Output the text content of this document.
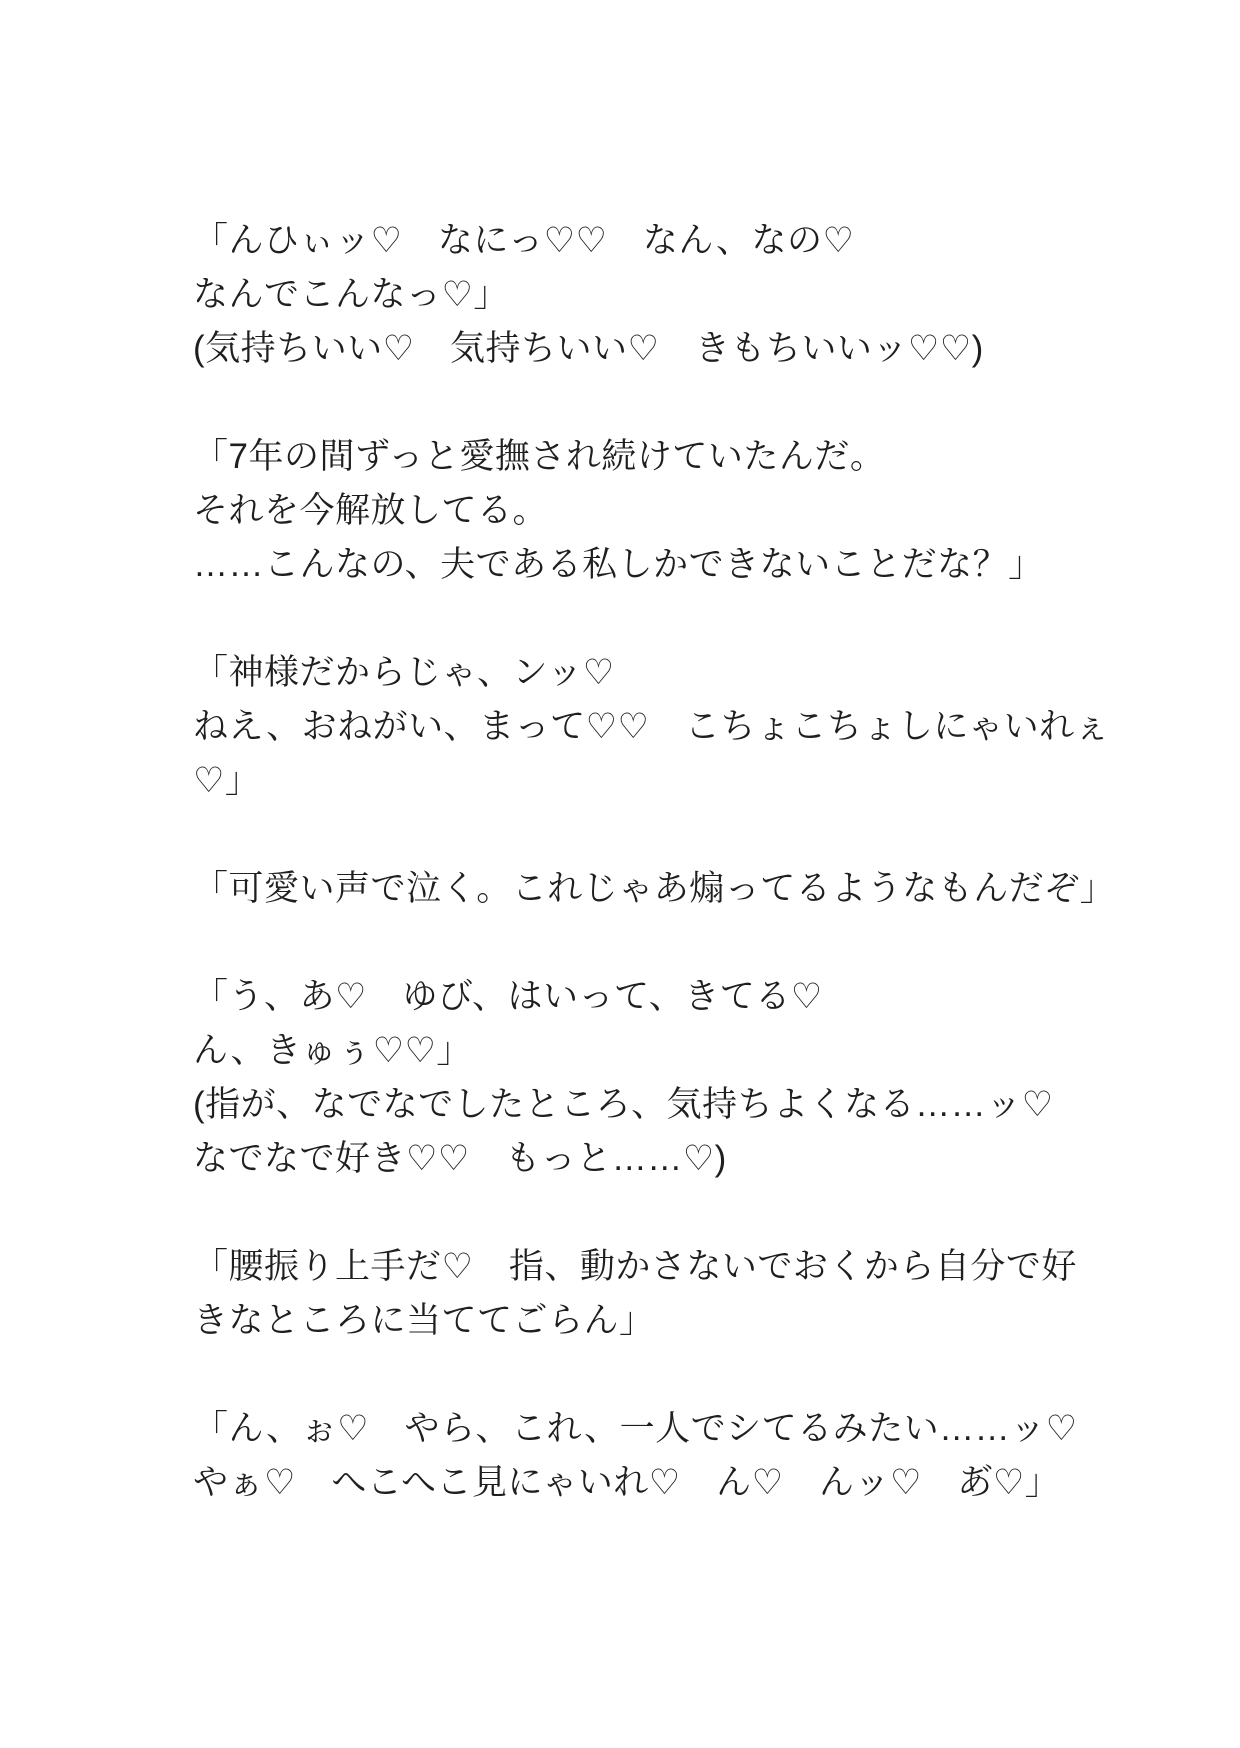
「んひぃッ♡　なにっ♡♡　なん、なの♡
なんでこんなっ♡」
(気持ちいい♡　気持ちいい♡　きもちいいッ♡♡)
「7年の間ずっと愛撫され続けていたんだ。
それを今解放してる。
……こんなの、夫である私しかできないことだな？」
「神様だからじゃ、ンッ♡
ねえ、おねがい、まって♡♡　こちょこちょしにゃいれぇ
♡」
「可愛い声で泣く。これじゃあ煽ってるようなもんだぞ」
「う、あ♡　ゆび、はいって、きてる♡
ん、きゅぅ♡♡」
(指が、なでなでしたところ、気持ちよくなる……ッ♡
なでなで好き♡♡　もっと……♡)
「腰振り上手だ♡　指、動かさないでおくから自分で好
きなところに当ててごらん」
「ん、ぉ♡　やら、これ、一人でシてるみたい……ッ♡
やぁ♡　へこへこ見にゃいれ♡　ん♡　んッ♡　あ゙♡」
